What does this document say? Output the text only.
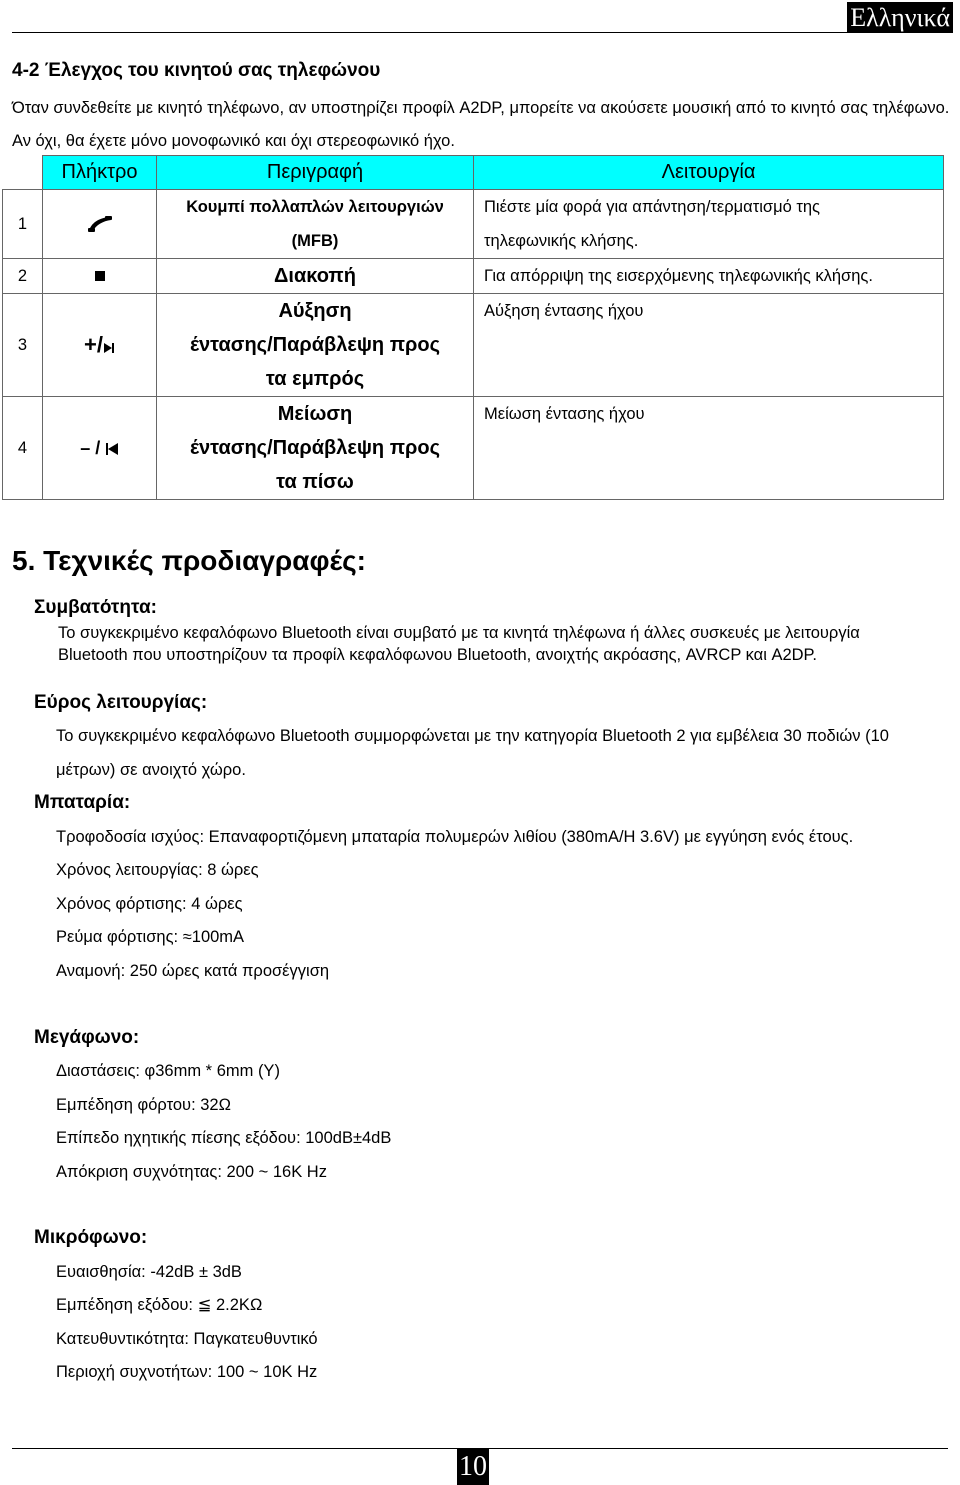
Ελληνικά
4-2 Έλεγχος του κινητού σας τηλεφώνου
Όταν συνδεθείτε με κινητό τηλέφωνο, αν υποστηρίζει προφίλ A2DP, μπορείτε να ακούσετε μουσική από το κινητό σας τηλέφωνο. Αν όχι, θα έχετε μόνο μονοφωνικό και όχι στερεοφωνικό ήχο.
	Πλήκτρο	Περιγραφή	Λειτουργία
1		Κουμπί πολλαπλών λειτουργιών
(MFB)	Πιέστε μία φορά για απάντηση/τερματισμό της
τηλεφωνικής κλήσης.

2		Διακοπή	Για απόρριψη της εισερχόμενης τηλεφωνικής κλήσης.

3	+/	Αύξηση
έντασης/Παράβλεψη προς
τα εμπρός	Αύξηση έντασης ήχου

4	– /	Μείωση
έντασης/Παράβλεψη προς
τα πίσω	Μείωση έντασης ήχου
5. Τεχνικές προδιαγραφές:
Συμβατότητα:
Το συγκεκριμένο κεφαλόφωνο Bluetooth είναι συμβατό με τα κινητά τηλέφωνα ή άλλες συσκευές με λειτουργία
Bluetooth που υποστηρίζουν τα προφίλ κεφαλόφωνου Bluetooth, ανοιχτής ακρόασης, AVRCP και A2DP.
Εύρος λειτουργίας:
Το συγκεκριμένο κεφαλόφωνο Bluetooth συμμορφώνεται με την κατηγορία Bluetooth 2 για εμβέλεια 30 ποδιών (10 μέτρων) σε ανοιχτό χώρο.
Μπαταρία:
Τροφοδοσία ισχύος: Επαναφορτιζόμενη μπαταρία πολυμερών λιθίου (380mA/H 3.6V) με εγγύηση ενός έτους.
Χρόνος λειτουργίας: 8 ώρες
Χρόνος φόρτισης: 4 ώρες
Ρεύμα φόρτισης: ≈100mA
Αναμονή: 250 ώρες κατά προσέγγιση
Μεγάφωνο:
Διαστάσεις: φ36mm * 6mm (Y)
Εμπέδηση φόρτου: 32Ω
Επίπεδο ηχητικής πίεσης εξόδου: 100dB±4dB
Απόκριση συχνότητας: 200 ~ 16K Hz
Μικρόφωνο:
Ευαισθησία: -42dB ± 3dB
Εμπέδηση εξόδου: ≦ 2.2ΚΩ
Κατευθυντικότητα: Παγκατευθυντικό
Περιοχή συχνοτήτων: 100 ~ 10K Hz
10
